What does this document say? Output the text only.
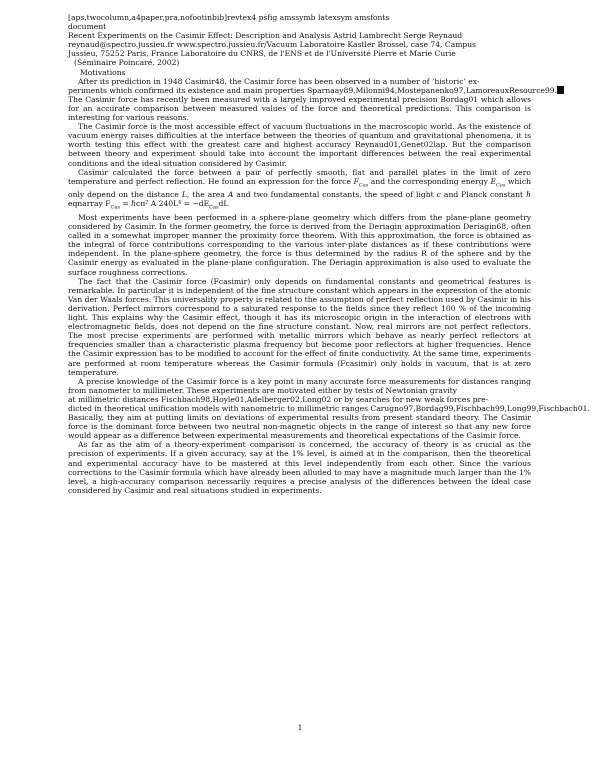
[aps,twocolumn,a4paper,pra,nofootinbib]revtex4 psfig amssymb latexsym amsfonts
document
Recent Experiments on the Casimir Effect: Description and Analysis Astrid Lambrecht Serge Reynaud
reynaud@spectro.jussieu.fr www.spectro.jussieu.fr/Vacuum Laboratoire Kastler Brossel, case 74, Campus
Jussieu, 75252 Paris, France Laboratoire du CNRS, de l'ENS et de l'Université Pierre et Marie Curie
(Séminaire Poincaré, 2002)
Motivations
After its prediction in 1948 Casimir48, the Casimir force has been observed in a number of ‘historic’ ex-
periments which confirmed its existence and main properties Sparnaay89,Milonni94,Mostepanenko97,LamoreauxResource99.

The Casimir force has recently been measured with a largely improved experimental precision Bordag01 which allows for an accurate comparison between measured values of the force and theoretical predictions. This comparison is interesting for various reasons.

The Casimir force is the most accessible effect of vacuum fluctuations in the macroscopic world. As the existence of vacuum energy raises difficulties at the interface between the theories of quantum and gravitational phenomena, it is worth testing this effect with the greatest care and highest accuracy Reynaud01,Genet02lap. But the comparison between theory and experiment should take into account the important differences between the real experimental conditions and the ideal situation considered by Casimir.

Casimir calculated the force between a pair of perfectly smooth, flat and parallel plates in the limit of zero temperature and perfect reflection. He found an expression for the force $F_{Cas}$ and the corresponding energy $E_{Cas}$ which only depend on the distance L, the area A and two fundamental constants, the speed of light c and Planck constant ℏ eqnarray $F_{Cas}$ = ℏcπ² A $240L^4 = -dE_{Cas}dL$

Most experiments have been performed in a sphere-plane geometry which differs from the plane-plane geometry considered by Casimir. In the former geometry, the force is derived from the Deriagin approximation Deriagin68, often called in a somewhat improper manner the proximity force theorem. With this approximation, the force is obtained as the integral of force contributions corresponding to the various inter-plate distances as if these contributions were independent. In the plane-sphere geometry, the force is thus determined by the radius R of the sphere and by the Casimir energy as evaluated in the plane-plane configuration. The Deriagin approximation is also used to evaluate the surface roughness corrections.

The fact that the Casimir force (Fcasimir) only depends on fundamental constants and geometrical features is remarkable. In particular it is independent of the fine structure constant which appears in the expression of the atomic Van der Waals forces. This universality property is related to the assumption of perfect reflection used by Casimir in his derivation. Perfect mirrors correspond to a saturated response to the fields since they reflect 100 % of the incoming light. This explains why the Casimir effect, though it has its microscopic origin in the interaction of electrons with electromagnetic fields, does not depend on the fine structure constant. Now, real mirrors are not perfect reflectors. The most precise experiments are performed with metallic mirrors which behave as nearly perfect reflectors at frequencies smaller than a characteristic plasma frequency but become poor reflectors at higher frequencies. Hence the Casimir expression has to be modified to account for the effect of finite conductivity. At the same time, experiments are performed at room temperature whereas the Casimir formula (Fcasimir) only holds in vacuum, that is at zero temperature.

A precise knowledge of the Casimir force is a key point in many accurate force measurements for distances ranging from nanometer to millimeter. These experiments are motivated either by tests of Newtonian gravity

at millimetric distances Fischbach98,Hoyle01,Adelberger02,Long02 or by searches for new weak forces pre-
dicted in theoretical unification models with nanometric to millimetric ranges Carugno97,Bordag99,Fischbach99,Long99,Fischbach01.

Basically, they aim at putting limits on deviations of experimental results from present standard theory. The Casimir force is the dominant force between two neutral non-magnetic objects in the range of interest so that any new force would appear as a difference between experimental measurements and theoretical expectations of the Casimir force.

As far as the aim of a theory-experiment comparison is concerned, the accuracy of theory is as crucial as the precision of experiments. If a given accuracy, say at the 1% level, is aimed at in the comparison, then the theoretical and experimental accuracy have to be mastered at this level independently from each other. Since the various corrections to the Casimir formula which have already been alluded to may have a magnitude much larger than the 1% level, a high-accuracy comparison necessarily requires a precise analysis of the differences between the ideal case considered by Casimir and real situations studied in experiments.

1
